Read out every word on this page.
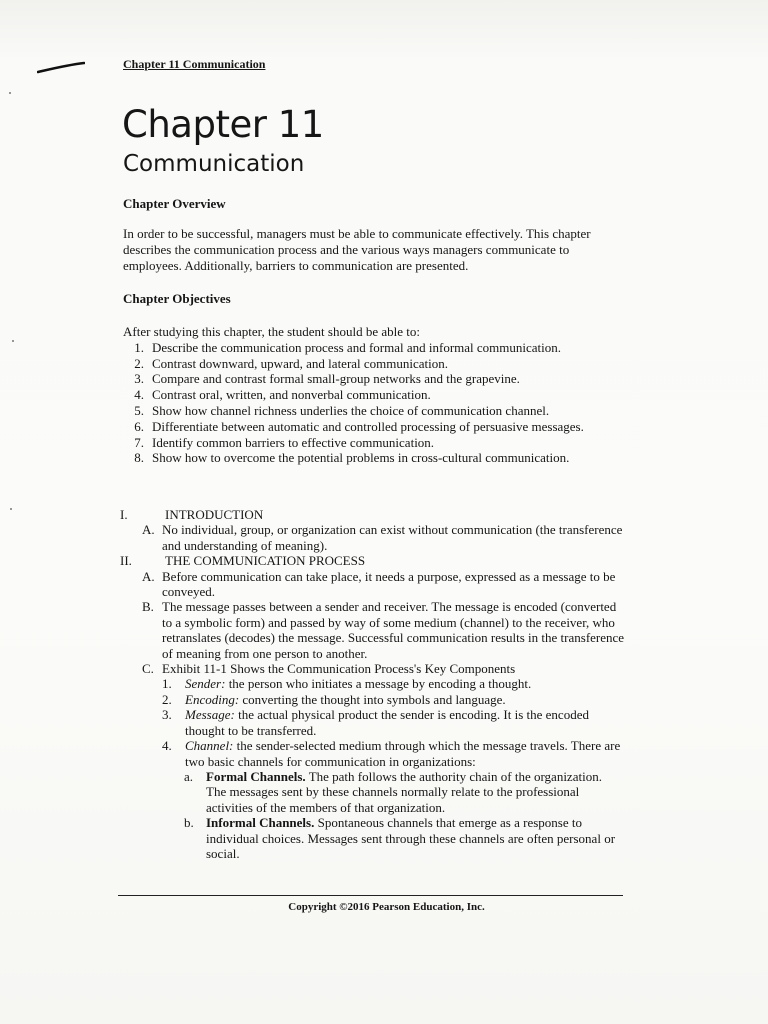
Chapter 11 Communication
Chapter 11
Communication
Chapter Overview
In order to be successful, managers must be able to communicate effectively. This chapter describes the communication process and the various ways managers communicate to employees. Additionally, barriers to communication are presented.
Chapter Objectives
After studying this chapter, the student should be able to:
1. Describe the communication process and formal and informal communication.
2. Contrast downward, upward, and lateral communication.
3. Compare and contrast formal small-group networks and the grapevine.
4. Contrast oral, written, and nonverbal communication.
5. Show how channel richness underlies the choice of communication channel.
6. Differentiate between automatic and controlled processing of persuasive messages.
7. Identify common barriers to effective communication.
8. Show how to overcome the potential problems in cross-cultural communication.
I.	INTRODUCTION
A. No individual, group, or organization can exist without communication (the transference and understanding of meaning).
II.	THE COMMUNICATION PROCESS
A. Before communication can take place, it needs a purpose, expressed as a message to be conveyed.
B. The message passes between a sender and receiver. The message is encoded (converted to a symbolic form) and passed by way of some medium (channel) to the receiver, who retranslates (decodes) the message. Successful communication results in the transference of meaning from one person to another.
C. Exhibit 11-1 Shows the Communication Process's Key Components
1.	Sender: the person who initiates a message by encoding a thought.
2.	Encoding: converting the thought into symbols and language.
3.	Message: the actual physical product the sender is encoding. It is the encoded thought to be transferred.
4.	Channel: the sender-selected medium through which the message travels. There are two basic channels for communication in organizations:
a. Formal Channels. The path follows the authority chain of the organization. The messages sent by these channels normally relate to the professional activities of the members of that organization.
b. Informal Channels. Spontaneous channels that emerge as a response to individual choices. Messages sent through these channels are often personal or social.
Copyright ©2016 Pearson Education, Inc.
